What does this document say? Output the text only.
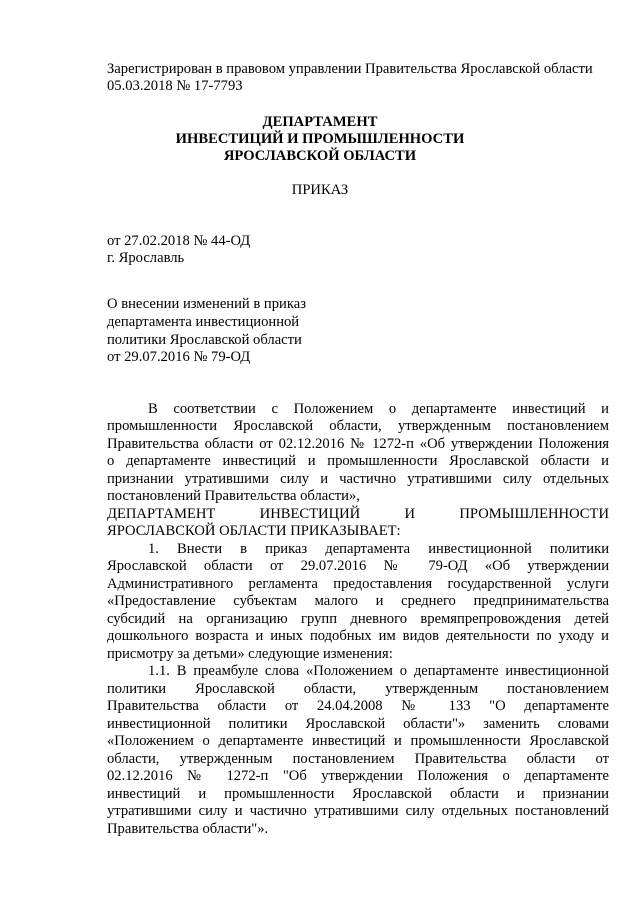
Зарегистрирован в правовом управлении Правительства Ярославской области
05.03.2018 № 17-7793
ДЕПАРТАМЕНТ
ИНВЕСТИЦИЙ И ПРОМЫШЛЕННОСТИ
ЯРОСЛАВСКОЙ ОБЛАСТИ
ПРИКАЗ
от 27.02.2018 № 44-ОД
г. Ярославль
О внесении изменений в приказ
департамента инвестиционной
политики Ярославской области
от 29.07.2016 № 79-ОД
В соответствии с Положением о департаменте инвестиций и
промышленности Ярославской области, утвержденным постановлением
Правительства области от 02.12.2016 № 1272-п «Об утверждении Положения
о департаменте инвестиций и промышленности Ярославской области и
признании утратившими силу и частично утратившими силу отдельных
постановлений Правительства области»,
ДЕПАРТАМЕНТ ИНВЕСТИЦИЙ И ПРОМЫШЛЕННОСТИ
ЯРОСЛАВСКОЙ ОБЛАСТИ ПРИКАЗЫВАЕТ:
1. Внести в приказ департамента инвестиционной политики
Ярославской области от 29.07.2016 № 79-ОД «Об утверждении
Административного регламента предоставления государственной услуги
«Предоставление субъектам малого и среднего предпринимательства
субсидий на организацию групп дневного времяпрепровождения детей
дошкольного возраста и иных подобных им видов деятельности по уходу и
присмотру за детьми» следующие изменения:
1.1. В преамбуле слова «Положением о департаменте инвестиционной
политики Ярославской области, утвержденным постановлением
Правительства области от 24.04.2008 № 133 "О департаменте
инвестиционной политики Ярославской области"» заменить словами
«Положением о департаменте инвестиций и промышленности Ярославской
области, утвержденным постановлением Правительства области от
02.12.2016 № 1272-п "Об утверждении Положения о департаменте
инвестиций и промышленности Ярославской области и признании
утратившими силу и частично утратившими силу отдельных постановлений
Правительства области"».
